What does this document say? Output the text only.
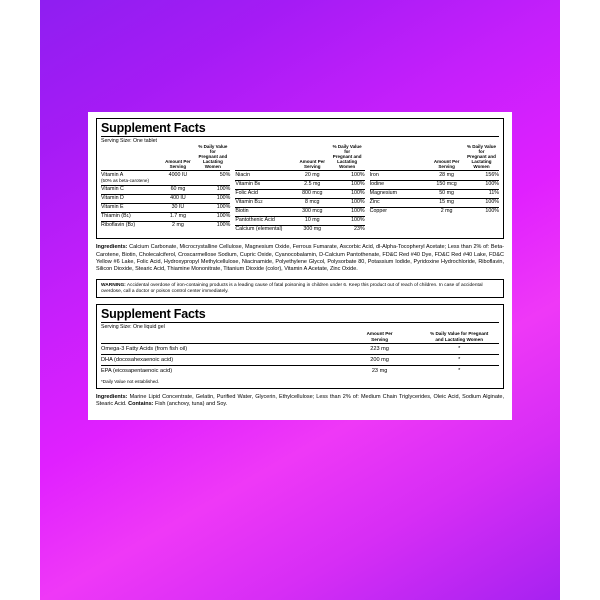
Supplement Facts
Serving Size: One tablet
	Amount Per
Serving	% Daily Value for
Pregnant and
Lactating Women
Vitamin A
(50% as beta-carotene)	4000 IU	50%
Vitamin C	60 mg	100%
Vitamin D	400 IU	100%
Vitamin E	30 IU	100%
Thiamin (B1)	1.7 mg	100%
Riboflavin (B2)	2 mg	100%
	Amount Per
Serving	% Daily Value for
Pregnant and
Lactating Women
Niacin	20 mg	100%
Vitamin B6	2.5 mg	100%
Folic Acid	800 mcg	100%
Vitamin B12	8 mcg	100%
Biotin	300 mcg	100%
Pantothenic Acid	10 mg	100%
Calcium (elemental)	300 mg	23%
	Amount Per
Serving	% Daily Value for
Pregnant and
Lactating Women
Iron	28 mg	156%
Iodine	150 mcg	100%
Magnesium	50 mg	11%
Zinc	15 mg	100%
Copper	2 mg	100%

Ingredients: Calcium Carbonate, Microcrystalline Cellulose, Magnesium Oxide, Ferrous Fumarate, Ascorbic Acid, dl-Alpha-Tocopheryl Acetate; Less than 2% of: Beta-Carotene, Biotin, Cholecalciferol, Croscarmellose Sodium, Cupric Oxide, Cyanocobalamin, D-Calcium Pantothenate, FD&C Red #40 Dye, FD&C Red #40 Lake, FD&C Yellow #6 Lake, Folic Acid, Hydroxypropyl Methylcellulose, Niacinamide, Polyethylene Glycol, Polysorbate 80, Potassium Iodide, Pyridoxine Hydrochloride, Riboflavin, Silicon Dioxide, Stearic Acid, Thiamine Mononitrate, Titanium Dioxide (color), Vitamin A Acetate, Zinc Oxide.

WARNING: Accidental overdose of iron-containing products is a leading cause of fatal poisoning in children under 6. Keep this product out of reach of children. In case of accidental overdose, call a doctor or poison control center immediately.
Supplement Facts
Serving Size: One liquid gel
	Amount Per
Serving	% Daily Value for Pregnant
and Lactating Women
Omega-3 Fatty Acids (from fish oil)	223 mg	*
DHA (docosahexaenoic acid)	200 mg	*
EPA (eicosapentaenoic acid)	23 mg	*
*Daily Value not established.

Ingredients: Marine Lipid Concentrate, Gelatin, Purified Water, Glycerin, Ethylcellulose; Less than 2% of: Medium Chain Triglycerides, Oleic Acid, Sodium Alginate, Stearic Acid. Contains: Fish (anchovy, tuna) and Soy.
